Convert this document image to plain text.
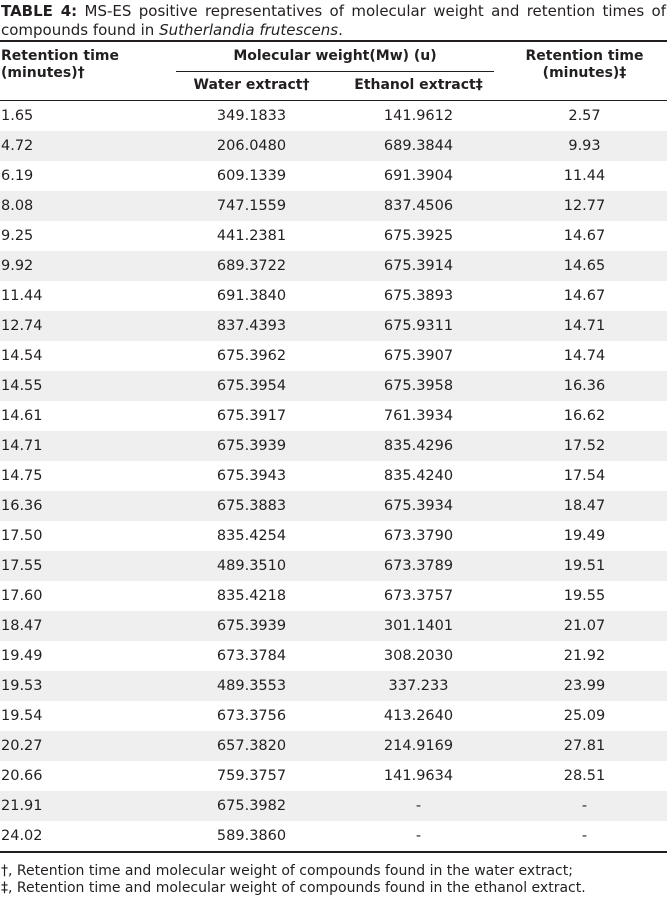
TABLE 4: MS-ES positive representatives of molecular weight and retention times of compounds found in Sutherlandia frutescens.
Retention time (minutes)†	Molecular weight(Mw) (u)		Retention time (minutes)‡

Water extract†	Ethanol extract‡	
1.65	349.1833	141.9612	2.57
4.72	206.0480	689.3844	9.93
6.19	609.1339	691.3904	11.44
8.08	747.1559	837.4506	12.77
9.25	441.2381	675.3925	14.67
9.92	689.3722	675.3914	14.65
11.44	691.3840	675.3893	14.67
12.74	837.4393	675.9311	14.71
14.54	675.3962	675.3907	14.74
14.55	675.3954	675.3958	16.36
14.61	675.3917	761.3934	16.62
14.71	675.3939	835.4296	17.52
14.75	675.3943	835.4240	17.54
16.36	675.3883	675.3934	18.47
17.50	835.4254	673.3790	19.49
17.55	489.3510	673.3789	19.51
17.60	835.4218	673.3757	19.55
18.47	675.3939	301.1401	21.07
19.49	673.3784	308.2030	21.92
19.53	489.3553	337.233	23.99
19.54	673.3756	413.2640	25.09
20.27	657.3820	214.9169	27.81
20.66	759.3757	141.9634	28.51
21.91	675.3982	-	-
24.02	589.3860	-	-
†, Retention time and molecular weight of compounds found in the water extract;
‡, Retention time and molecular weight of compounds found in the ethanol extract.
